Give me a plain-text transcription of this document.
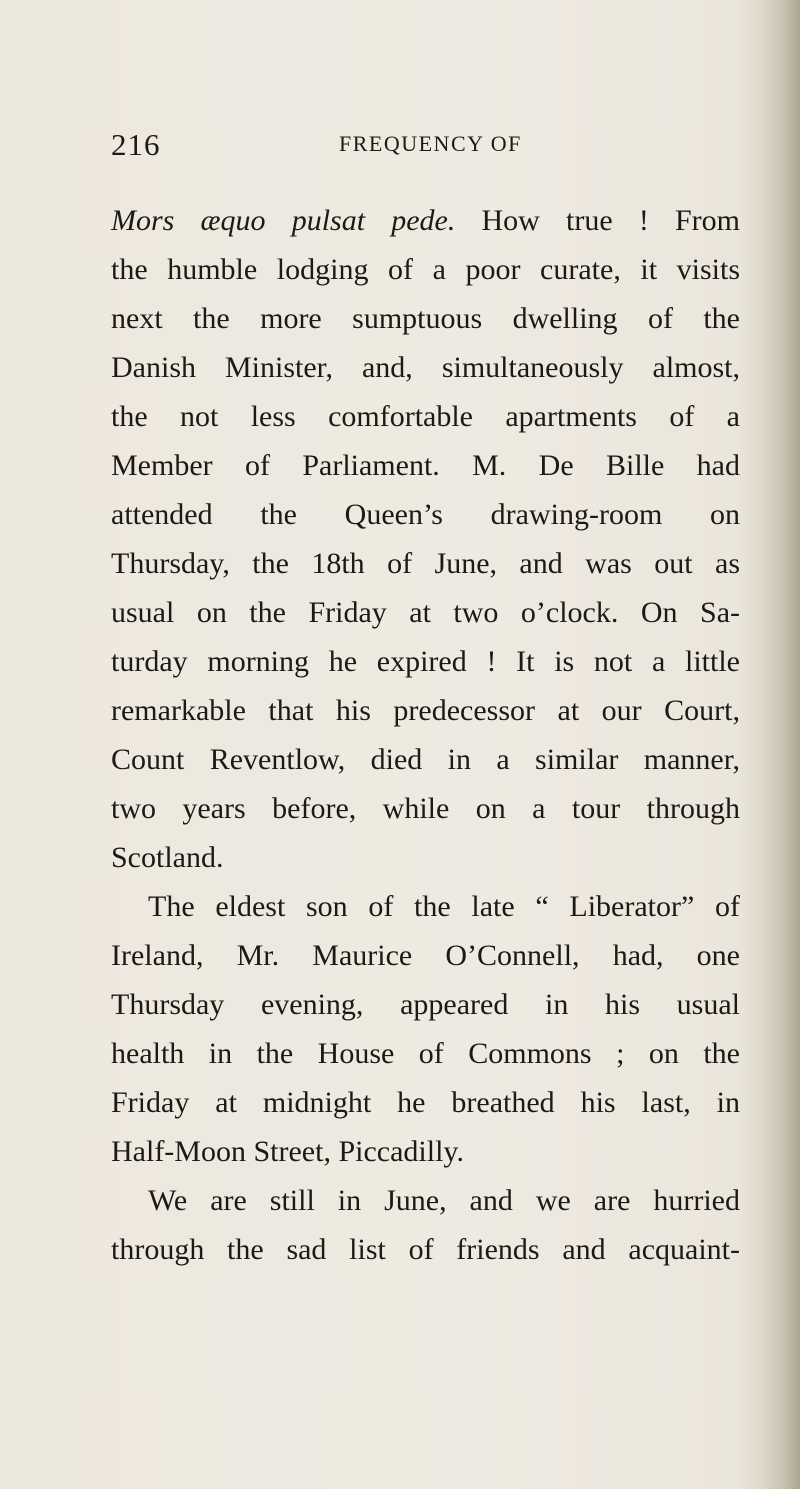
216	FREQUENCY OF
Mors æquo pulsat pede. How true ! From
the humble lodging of a poor curate, it visits
next the more sumptuous dwelling of the
Danish Minister, and, simultaneously almost,
the not less comfortable apartments of a
Member of Parliament. M. De Bille had
attended the Queen’s drawing-room on
Thursday, the 18th of June, and was out as
usual on the Friday at two o’clock. On Sa-
turday morning he expired ! It is not a little
remarkable that his predecessor at our Court,
Count Reventlow, died in a similar manner,
two years before, while on a tour through
Scotland.
The eldest son of the late “ Liberator” of
Ireland, Mr. Maurice O’Connell, had, one
Thursday evening, appeared in his usual
health in the House of Commons ; on the
Friday at midnight he breathed his last, in
Half-Moon Street, Piccadilly.
We are still in June, and we are hurried
through the sad list of friends and acquaint-
